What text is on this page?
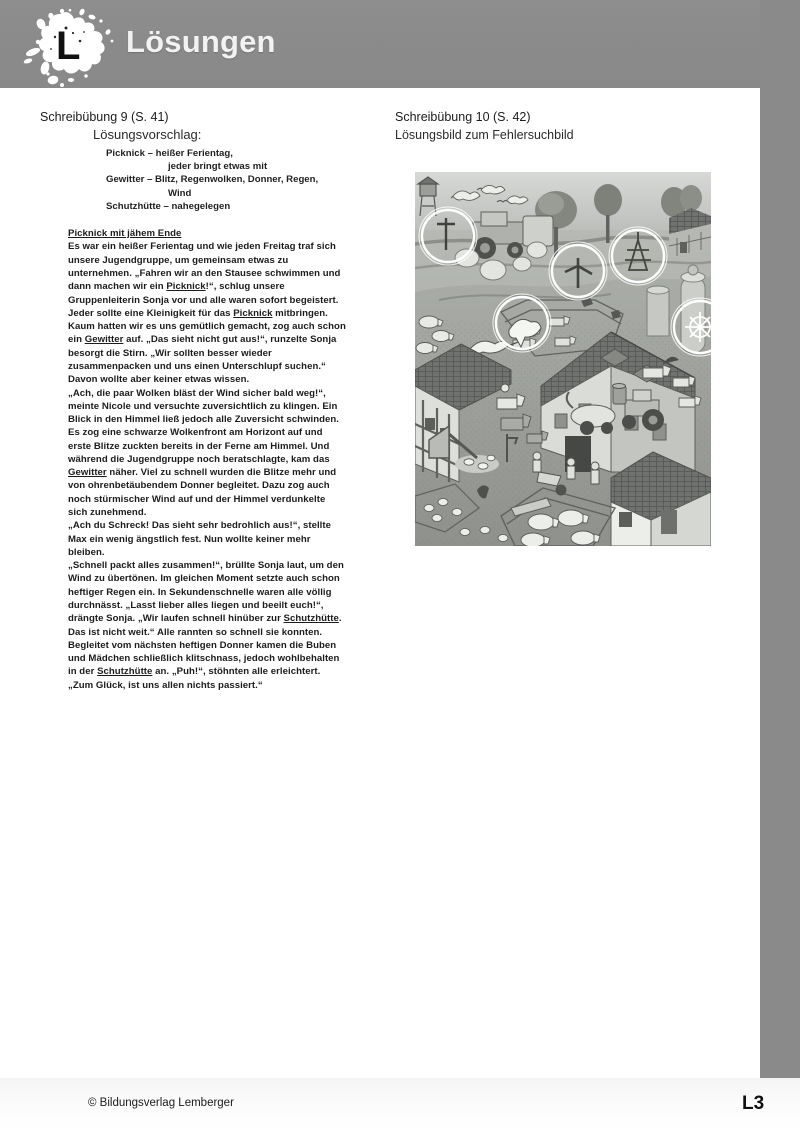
L Lösungen
Schreibübung 9 (S. 41)
Lösungsvorschlag:
Picknick – heißer Ferientag,
jeder bringt etwas mit
Gewitter – Blitz, Regenwolken, Donner, Regen,
Wind
Schutzhütte – nahegelegen

Picknick mit jähem Ende

Es war ein heißer Ferientag und wie jeden Freitag traf sich unsere Jugendgruppe, um gemeinsam etwas zu unternehmen. „Fahren wir an den Stausee schwimmen und dann machen wir ein Picknick!“, schlug unsere Gruppenleiterin Sonja vor und alle waren sofort begeistert. Jeder sollte eine Kleinigkeit für das Picknick mitbringen.

Kaum hatten wir es uns gemütlich gemacht, zog auch schon ein Gewitter auf. „Das sieht nicht gut aus!“, runzelte Sonja besorgt die Stirn. „Wir sollten besser wieder zusammenpacken und uns einen Unterschlupf suchen.“

Davon wollte aber keiner etwas wissen.

„Ach, die paar Wolken bläst der Wind sicher bald weg!“, meinte Nicole und versuchte zuversichtlich zu klingen. Ein Blick in den Himmel ließ jedoch alle Zuversicht schwinden. Es zog eine schwarze Wolkenfront am Horizont auf und erste Blitze zuckten bereits in der Ferne am Himmel. Und während die Jugendgruppe noch beratschlagte, kam das Gewitter näher. Viel zu schnell wurden die Blitze mehr und von ohrenbetäubendem Donner begleitet. Dazu zog auch noch stürmischer Wind auf und der Himmel verdunkelte sich zunehmend.

„Ach du Schreck! Das sieht sehr bedrohlich aus!“, stellte Max ein wenig ängstlich fest. Nun wollte keiner mehr bleiben.

„Schnell packt alles zusammen!“, brüllte Sonja laut, um den Wind zu übertönen. Im gleichen Moment setzte auch schon heftiger Regen ein. In Sekundenschnelle waren alle völlig durchnässt. „Lasst lieber alles liegen und beeilt euch!“, drängte Sonja. „Wir laufen schnell hinüber zur Schutzhütte. Das ist nicht weit.“ Alle rannten so schnell sie konnten. Begleitet vom nächsten heftigen Donner kamen die Buben und Mädchen schließlich klitschnass, jedoch wohlbehalten in der Schutzhütte an. „Puh!“, stöhnten alle erleichtert. „Zum Glück, ist uns allen nichts passiert.“

Schreibübung 10 (S. 42)
Lösungsbild zum Fehlersuchbild
© Bildungsverlag Lemberger	L3
